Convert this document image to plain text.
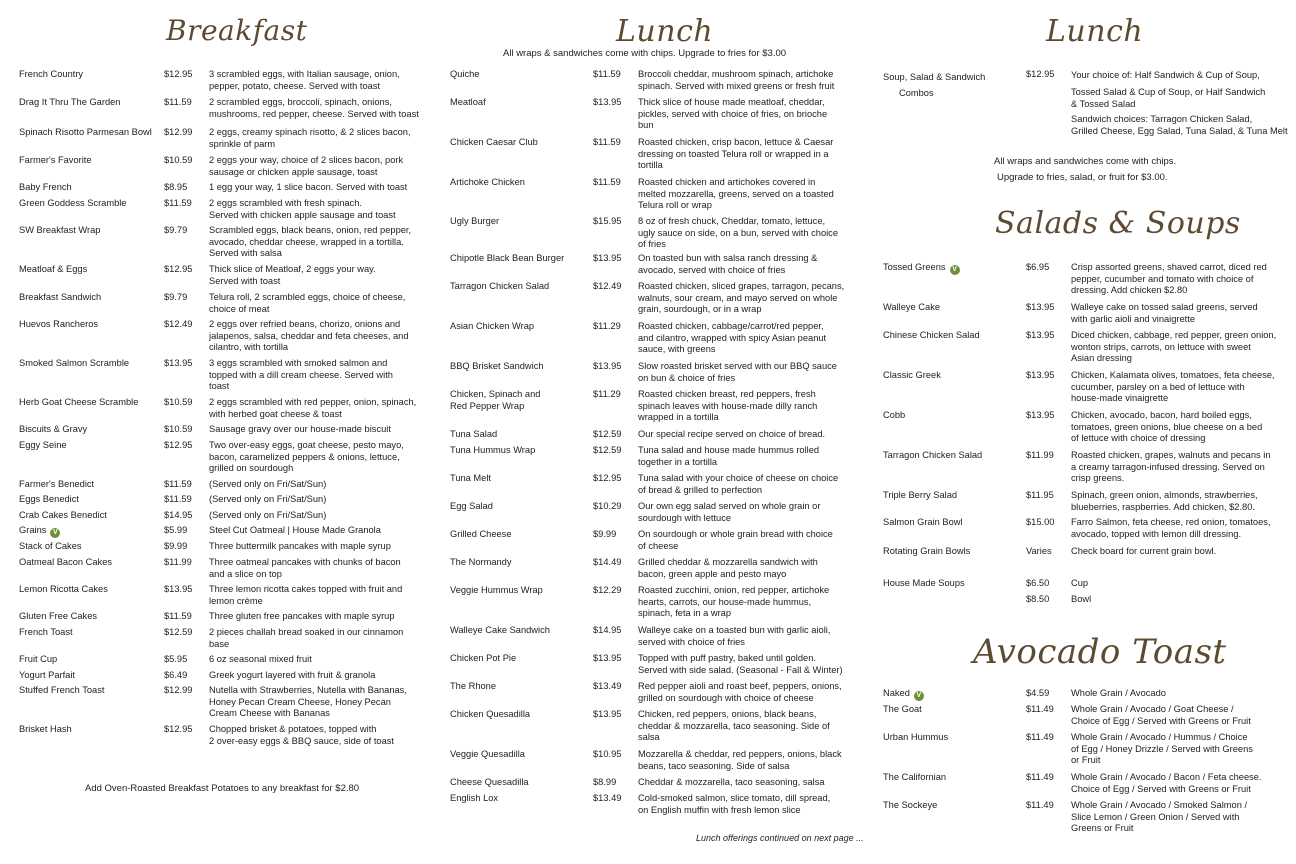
Breakfast	Lunch
All wraps & sandwiches come with chips. Upgrade to fries for $3.00
Lunch
Salads & Soups
Avocado Toast
French Country	$12.95 3 scrambled eggs, with Italian sausage, onion,
pepper, potato, cheese. Served with toast
Drag It Thru The Garden	$11.59 2 scrambled eggs, broccoli, spinach, onions,
mushrooms, red pepper, cheese. Served with toast
Spinach Risotto Parmesan Bowl $12.99 2 eggs, creamy spinach risotto, & 2 slices bacon,
sprinkle of parm
Farmer's Favorite	$10.59 2 eggs your way, choice of 2 slices bacon, pork
sausage or chicken apple sausage, toast
Baby French	$8.95 1 egg your way, 1 slice bacon. Served with toast
Green Goddess Scramble	$11.59 2 eggs scrambled with fresh spinach.
Served with chicken apple sausage and toast
SW Breakfast Wrap	$9.79 Scrambled eggs, black beans, onion, red pepper,
avocado, cheddar cheese, wrapped in a tortilla.
Served with salsa
Meatloaf & Eggs	$12.95 Thick slice of Meatloaf, 2 eggs your way.
Served with toast
Breakfast Sandwich	$9.79 Telura roll, 2 scrambled eggs, choice of cheese,
choice of meat
Huevos Rancheros	$12.49 2 eggs over refried beans, chorizo, onions and
jalapenos, salsa, cheddar and feta cheeses, and
cilantro, with tortilla
Smoked Salmon Scramble	$13.95 3 eggs scrambled with smoked salmon and
topped with a dill cream cheese. Served with
toast
Herb Goat Cheese Scramble	$10.59 2 eggs scrambled with red pepper, onion, spinach,
with herbed goat cheese & toast
Biscuits & Gravy	$10.59 Sausage gravy over our house-made biscuit
Eggy Seine	$12.95 Two over-easy eggs, goat cheese, pesto mayo,
bacon, caramelized peppers & onions, lettuce,
grilled on sourdough
Farmer's Benedict	$11.59 (Served only on Fri/Sat/Sun)
Eggs Benedict	$11.59 (Served only on Fri/Sat/Sun)
Crab Cakes Benedict	$14.95 (Served only on Fri/Sat/Sun)
Grains V	$5.99 Steel Cut Oatmeal | House Made Granola
Stack of Cakes	$9.99 Three buttermilk pancakes with maple syrup
Oatmeal Bacon Cakes	$11.99 Three oatmeal pancakes with chunks of bacon
and a slice on top
Lemon Ricotta Cakes	$13.95 Three lemon ricotta cakes topped with fruit and
lemon crème
Gluten Free Cakes	$11.59 Three gluten free pancakes with maple syrup
French Toast	$12.59 2 pieces challah bread soaked in our cinnamon
base
Fruit Cup	$5.95 6 oz seasonal mixed fruit
Yogurt Parfait	$6.49 Greek yogurt layered with fruit & granola
Stuffed French Toast	$12.99 Nutella with Strawberries, Nutella with Bananas,
Honey Pecan Cream Cheese, Honey Pecan
Cream Cheese with Bananas
Brisket Hash	$12.95 Chopped brisket & potatoes, topped with
2 over-easy eggs & BBQ sauce, side of toast
Quiche	$11.59 Broccoli cheddar, mushroom spinach, artichoke
spinach. Served with mixed greens or fresh fruit
Meatloaf	$13.95 Thick slice of house made meatloaf, cheddar,
pickles, served with choice of fries, on brioche
bun
Chicken Caesar Club	$11.59 Roasted chicken, crisp bacon, lettuce & Caesar
dressing on toasted Telura roll or wrapped in a
tortilla
Artichoke Chicken	$11.59 Roasted chicken and artichokes covered in
melted mozzarella, greens, served on a toasted
Telura roll or wrap
Ugly Burger	$15.95 8 oz of fresh chuck, Cheddar, tomato, lettuce,
ugly sauce on side, on a bun, served with choice
of fries
Chipotle Black Bean Burger	$13.95 On toasted bun with salsa ranch dressing &
avocado, served with choice of fries
Tarragon Chicken Salad	$12.49 Roasted chicken, sliced grapes, tarragon, pecans,
walnuts, sour cream, and mayo served on whole
grain, sourdough, or in a wrap
Asian Chicken Wrap	$11.29 Roasted chicken, cabbage/carrot/red pepper,
and cilantro, wrapped with spicy Asian peanut
sauce, with greens
BBQ Brisket Sandwich	$13.95 Slow roasted brisket served with our BBQ sauce
on bun & choice of fries
Chicken, Spinach and
Red Pepper Wrap
$11.29 Roasted chicken breast, red peppers, fresh
spinach leaves with house-made dilly ranch
wrapped in a tortilla
Tuna Salad	$12.59 Our special recipe served on choice of bread.
Tuna Hummus Wrap	$12.59 Tuna salad and house made hummus rolled
together in a tortilla
Tuna Melt	$12.95 Tuna salad with your choice of cheese on choice
of bread & grilled to perfection
Egg Salad	$10.29 Our own egg salad served on whole grain or
sourdough with lettuce
Grilled Cheese	$9.99 On sourdough or whole grain bread with choice
of cheese
The Normandy	$14.49 Grilled cheddar & mozzarella sandwich with
bacon, green apple and pesto mayo
Veggie Hummus Wrap	$12.29 Roasted zucchini, onion, red pepper, artichoke
hearts, carrots, our house-made hummus,
spinach, feta in a wrap
Walleye Cake Sandwich	$14.95 Walleye cake on a toasted bun with garlic aioli,
served with choice of fries
Chicken Pot Pie	$13.95 Topped with puff pastry, baked until golden.
Served with side salad. (Seasonal - Fall & Winter)
The Rhone	$13.49 Red pepper aioli and roast beef, peppers, onions,
grilled on sourdough with choice of cheese
Chicken Quesadilla	$13.95 Chicken, red peppers, onions, black beans,
cheddar & mozzarella, taco seasoning. Side of
salsa
Veggie Quesadilla	$10.95 Mozzarella & cheddar, red peppers, onions, black
beans, taco seasoning. Side of salsa
Cheese Quesadilla	$8.99 Cheddar & mozzarella, taco seasoning, salsa
English Lox	$13.49 Cold-smoked salmon, slice tomato, dill spread,
on English muffin with fresh lemon slice
Soup, Salad & Sandwich
Combos
$12.95 Your choice of: Half Sandwich & Cup of Soup,
Tossed Salad & Cup of Soup, or Half Sandwich
& Tossed Salad
Sandwich choices: Tarragon Chicken Salad,
Grilled Cheese, Egg Salad, Tuna Salad, & Tuna Melt
Tossed Greens V	$6.95 Crisp assorted greens, shaved carrot, diced red
pepper, cucumber and tomato with choice of
dressing. Add chicken $2.80
Walleye Cake	$13.95 Walleye cake on tossed salad greens, served
with garlic aioli and vinaigrette
Chinese Chicken Salad	$13.95 Diced chicken, cabbage, red pepper, green onion,
wonton strips, carrots, on lettuce with sweet
Asian dressing
Classic Greek	$13.95 Chicken, Kalamata olives, tomatoes, feta cheese,
cucumber, parsley on a bed of lettuce with
house-made vinaigrette
Cobb	$13.95 Chicken, avocado, bacon, hard boiled eggs,
tomatoes, green onions, blue cheese on a bed
of lettuce with choice of dressing
Tarragon Chicken Salad	$11.99 Roasted chicken, grapes, walnuts and pecans in
a creamy tarragon-infused dressing. Served on
crisp greens.
Triple Berry Salad	$11.95 Spinach, green onion, almonds, strawberries,
blueberries, raspberries. Add chicken, $2.80.
Salmon Grain Bowl	$15.00 Farro Salmon, feta cheese, red onion, tomatoes,
avocado, topped with lemon dill dressing.
Rotating Grain Bowls	Varies Check board for current grain bowl.
House Made Soups	$6.50 Cup
$8.50 Bowl
Naked V	$4.59 Whole Grain / Avocado
The Goat	$11.49 Whole Grain / Avocado / Goat Cheese /
Choice of Egg / Served with Greens or Fruit
Urban Hummus	$11.49 Whole Grain / Avocado / Hummus / Choice
of Egg / Honey Drizzle / Served with Greens
or Fruit
The Californian	$11.49 Whole Grain / Avocado / Bacon / Feta cheese.
Choice of Egg / Served with Greens or Fruit
The Sockeye	$11.49 Whole Grain / Avocado / Smoked Salmon /
Slice Lemon / Green Onion / Served with
Greens or Fruit
Add Oven-Roasted Breakfast Potatoes to any breakfast for $2.80
Lunch offerings continued on next page ...
All wraps and sandwiches come with chips.
Upgrade to fries, salad, or fruit for $3.00.
